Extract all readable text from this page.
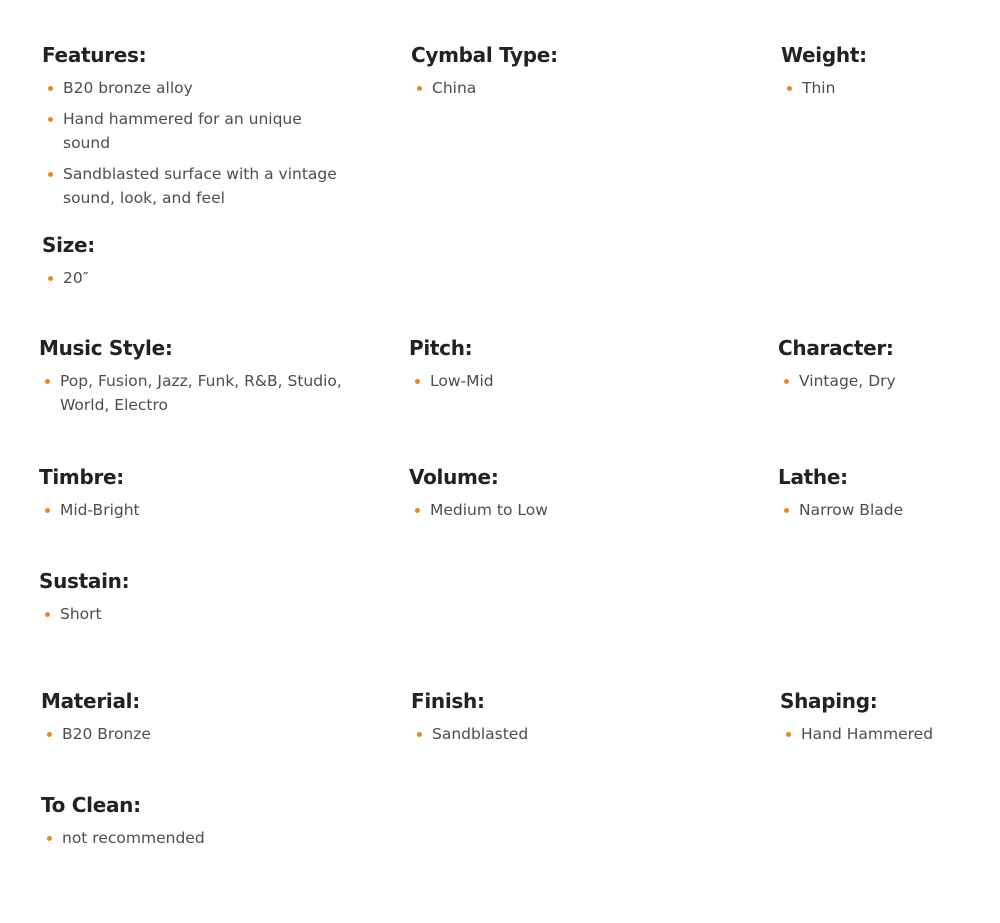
Features:
B20 bronze alloy
Hand hammered for an unique sound
Sandblasted surface with a vintage sound, look, and feel
Cymbal Type:
China
Weight:
Thin
Size:
20″
Music Style:
Pop, Fusion, Jazz, Funk, R&B, Studio, World, Electro
Pitch:
Low-Mid
Character:
Vintage, Dry
Timbre:
Mid-Bright
Volume:
Medium to Low
Lathe:
Narrow Blade
Sustain:
Short
Material:
B20 Bronze
Finish:
Sandblasted
Shaping:
Hand Hammered
To Clean:
not recommended
